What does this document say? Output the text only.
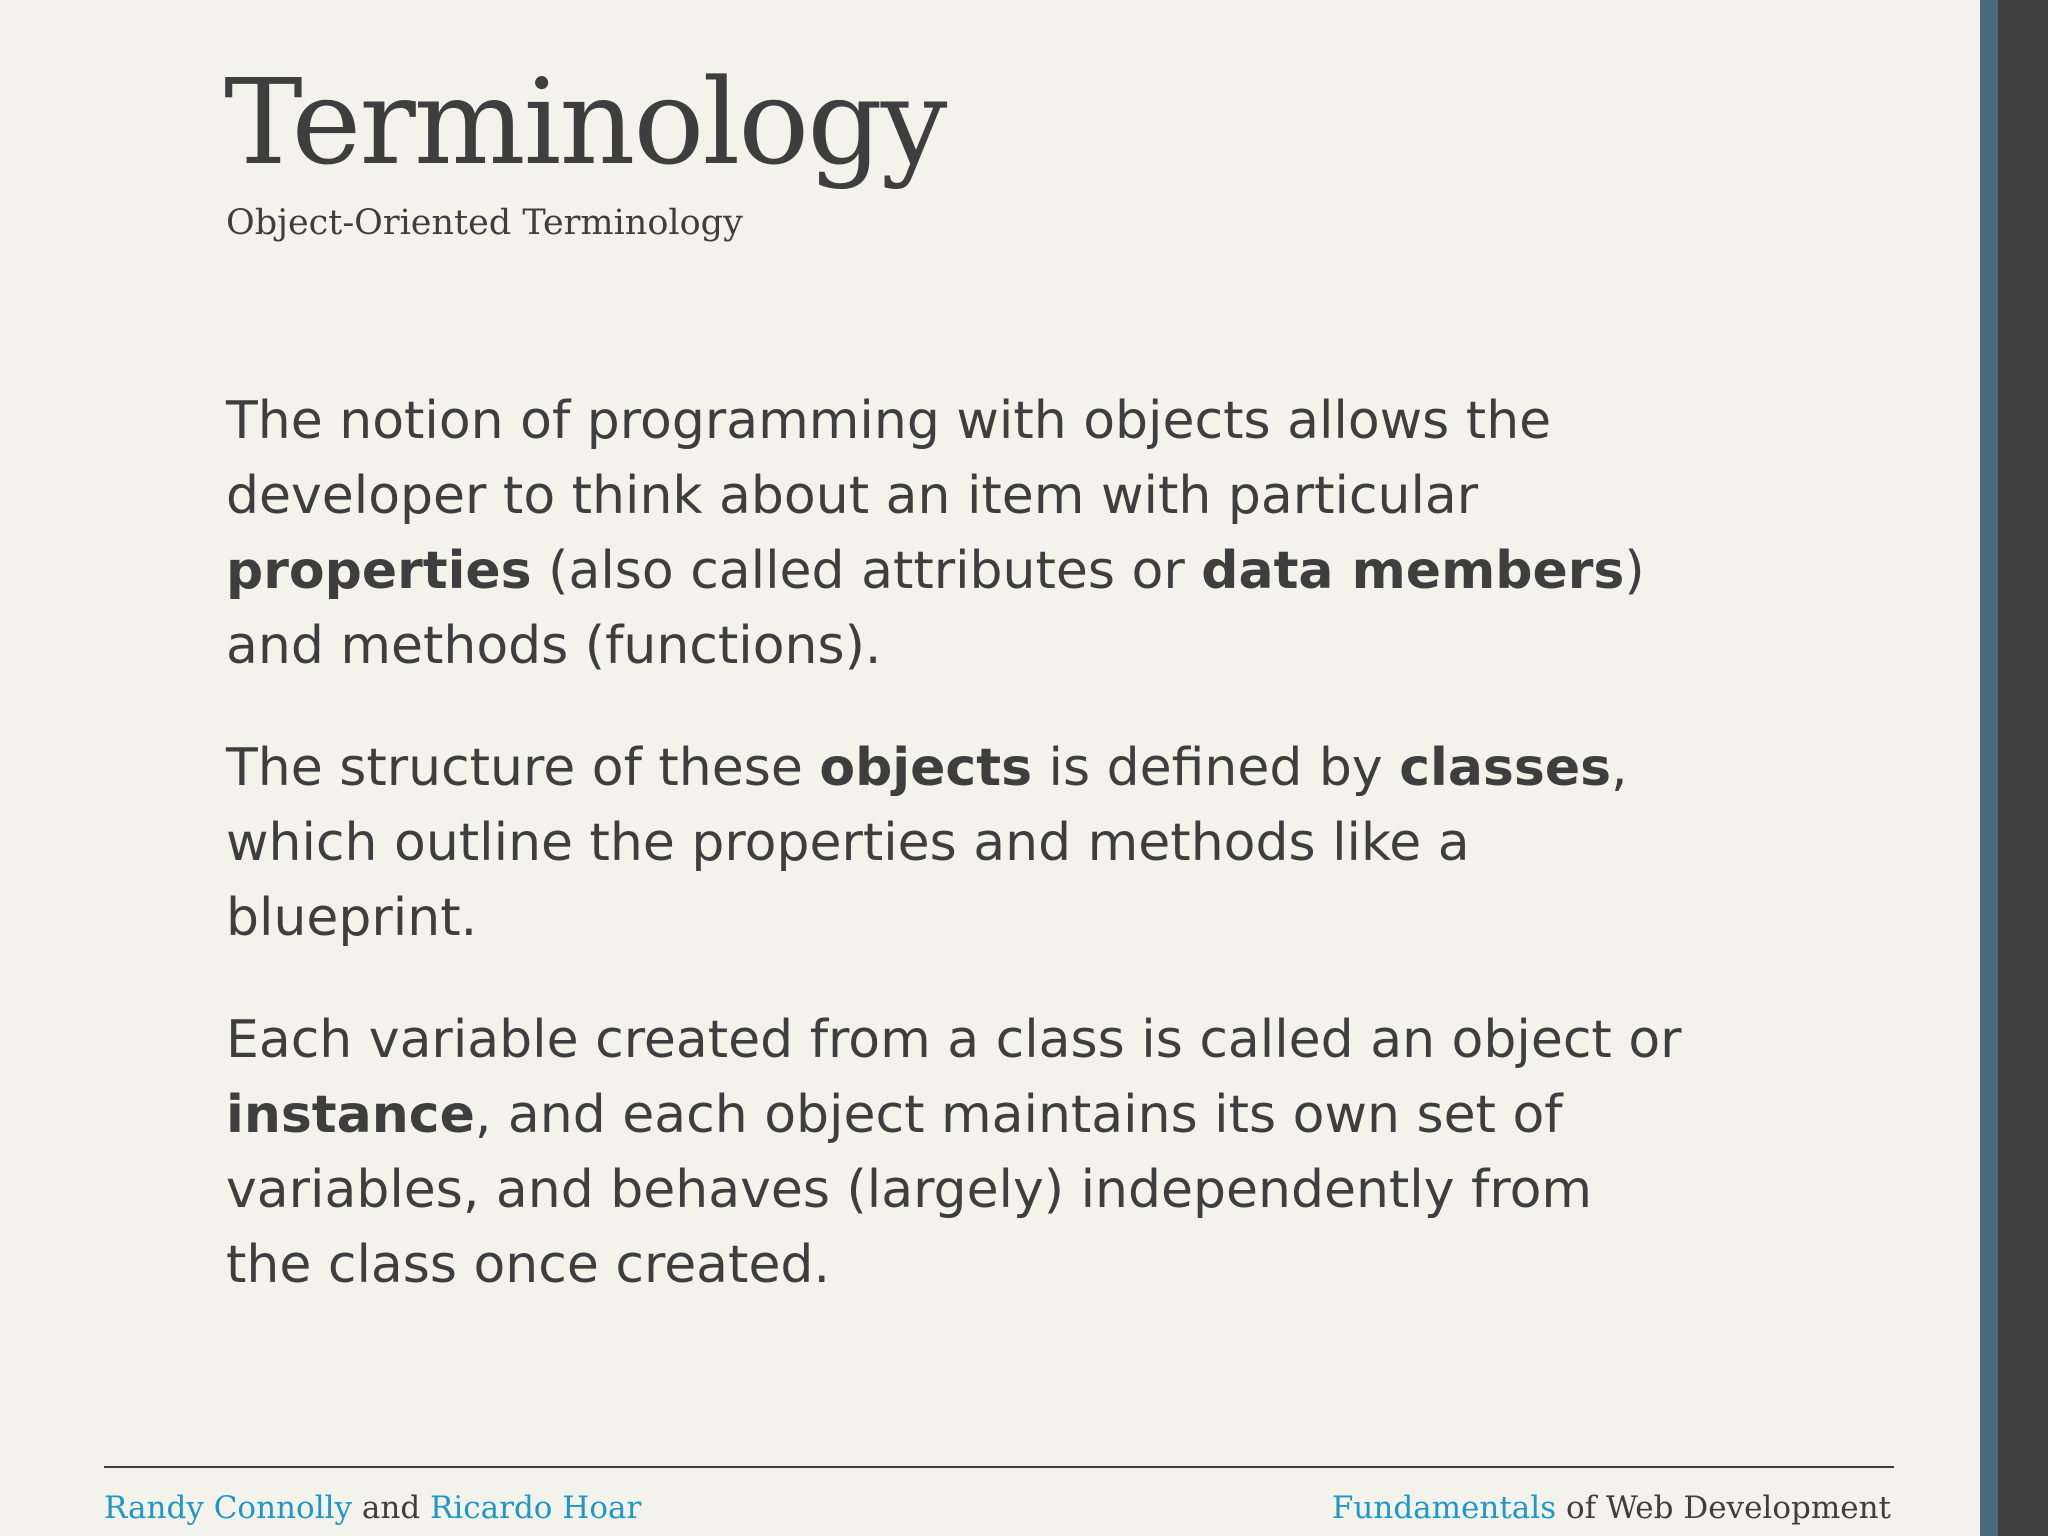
Terminology
Object-Oriented Terminology

The notion of programming with objects allows the developer to think about an item with particular properties (also called attributes or data members) and methods (functions).

The structure of these objects is defined by classes, which outline the properties and methods like a blueprint.

Each variable created from a class is called an object or instance, and each object maintains its own set of variables, and behaves (largely) independently from the class once created.

Randy Connolly and Ricardo Hoar	Fundamentals of Web Development
